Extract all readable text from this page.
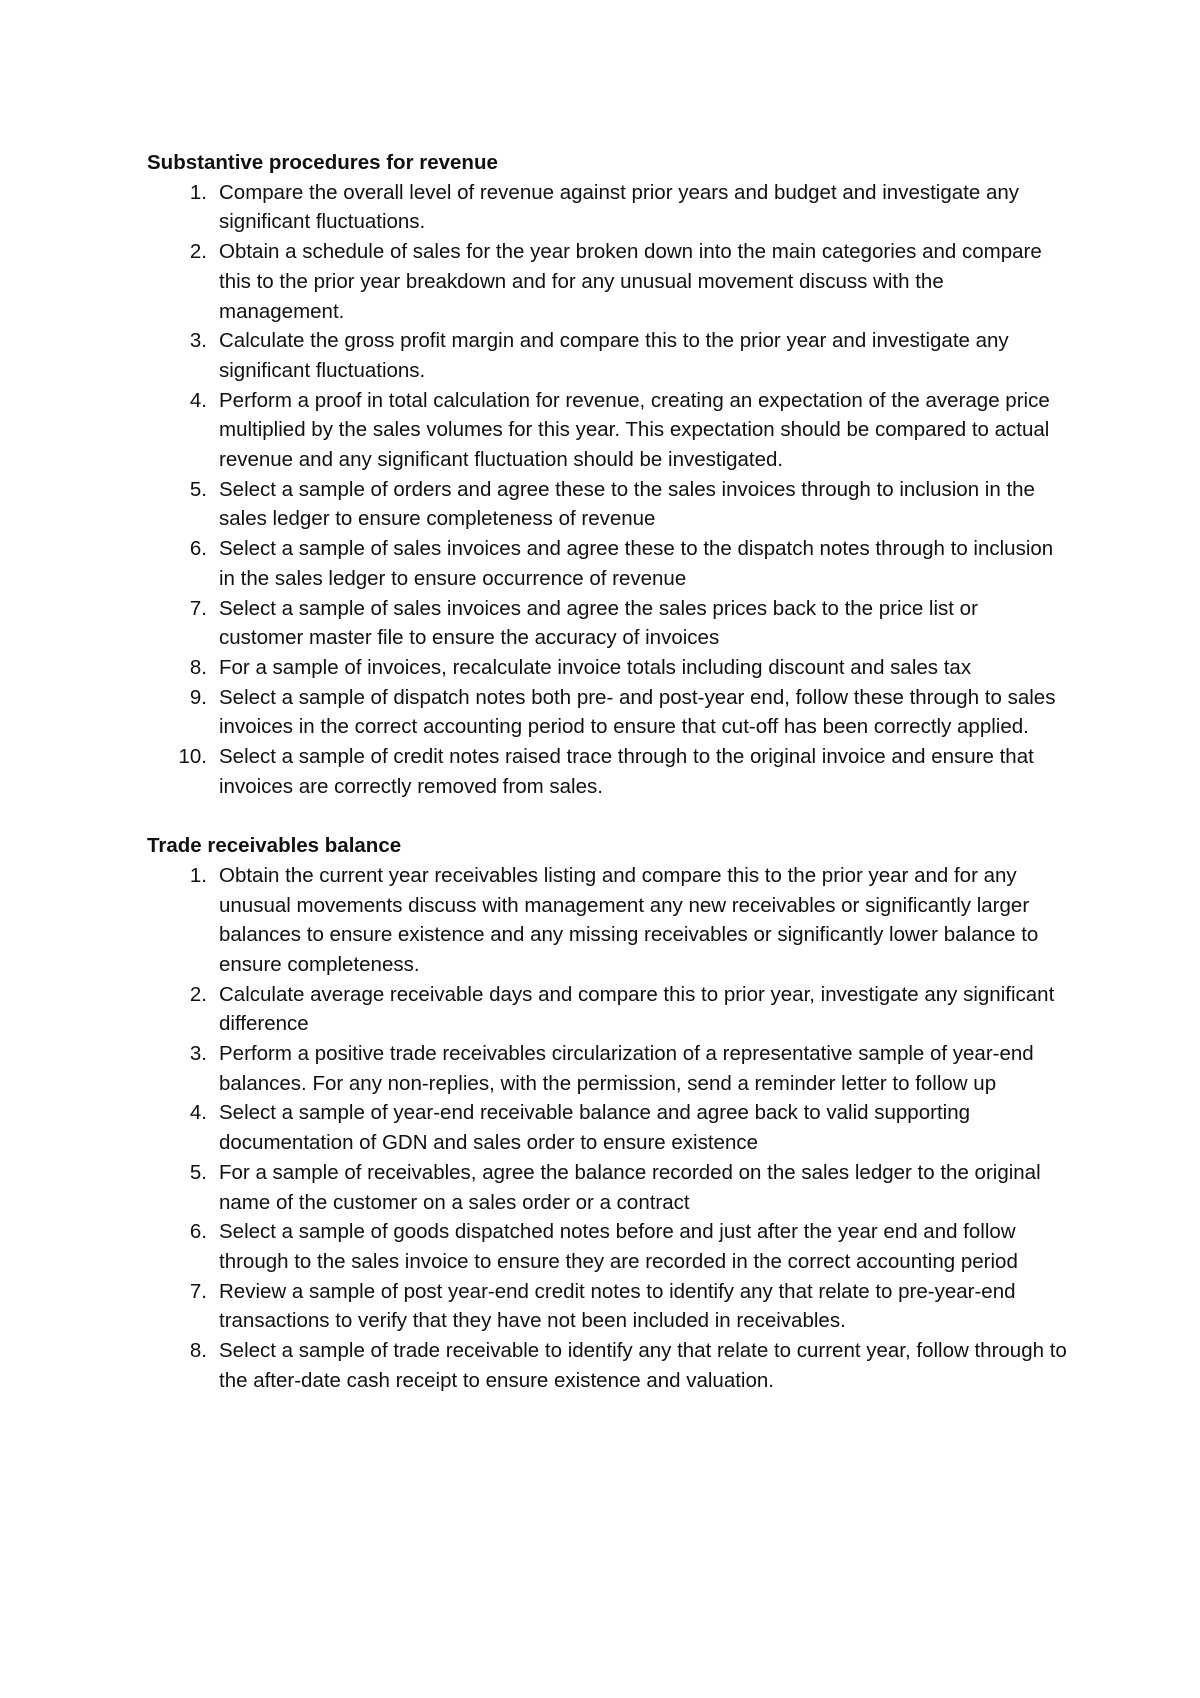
Substantive procedures for revenue

1. Compare the overall level of revenue against prior years and budget and investigate any significant fluctuations.
2. Obtain a schedule of sales for the year broken down into the main categories and compare this to the prior year breakdown and for any unusual movement discuss with the management.
3. Calculate the gross profit margin and compare this to the prior year and investigate any significant fluctuations.
4. Perform a proof in total calculation for revenue, creating an expectation of the average price multiplied by the sales volumes for this year. This expectation should be compared to actual revenue and any significant fluctuation should be investigated.
5. Select a sample of orders and agree these to the sales invoices through to inclusion in the sales ledger to ensure completeness of revenue
6. Select a sample of sales invoices and agree these to the dispatch notes through to inclusion in the sales ledger to ensure occurrence of revenue
7. Select a sample of sales invoices and agree the sales prices back to the price list or customer master file to ensure the accuracy of invoices
8. For a sample of invoices, recalculate invoice totals including discount and sales tax
9. Select a sample of dispatch notes both pre- and post-year end, follow these through to sales invoices in the correct accounting period to ensure that cut-off has been correctly applied.
10. Select a sample of credit notes raised trace through to the original invoice and ensure that invoices are correctly removed from sales.

Trade receivables balance

1. Obtain the current year receivables listing and compare this to the prior year and for any unusual movements discuss with management any new receivables or significantly larger balances to ensure existence and any missing receivables or significantly lower balance to ensure completeness.
2. Calculate average receivable days and compare this to prior year, investigate any significant difference
3. Perform a positive trade receivables circularization of a representative sample of year-end balances. For any non-replies, with the permission, send a reminder letter to follow up
4. Select a sample of year-end receivable balance and agree back to valid supporting documentation of GDN and sales order to ensure existence
5. For a sample of receivables, agree the balance recorded on the sales ledger to the original name of the customer on a sales order or a contract
6. Select a sample of goods dispatched notes before and just after the year end and follow through to the sales invoice to ensure they are recorded in the correct accounting period
7. Review a sample of post year-end credit notes to identify any that relate to pre-year-end transactions to verify that they have not been included in receivables.
8. Select a sample of trade receivable to identify any that relate to current year, follow through to the after-date cash receipt to ensure existence and valuation.
